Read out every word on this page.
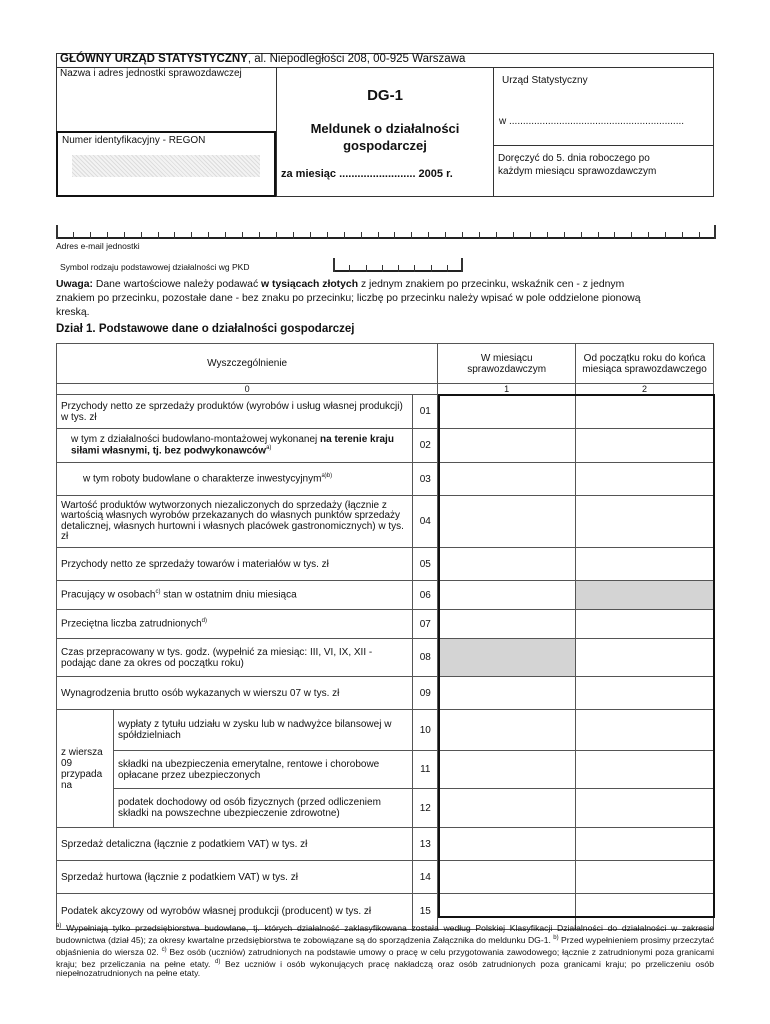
GŁÓWNY URZĄD STATYSTYCZNY, al. Niepodległości 208, 00-925 Warszawa
Nazwa i adres jednostki sprawozdawczej
Numer identyfikacyjny - REGON
DG-1
Meldunek o działalności
gospodarczej
za miesiąc ......................... 2005 r.
Urząd Statystyczny
w ...............................................................
Doręczyć do 5. dnia roboczego po
każdym miesiącu sprawozdawczym
Adres e-mail jednostki
Symbol rodzaju podstawowej działalności wg PKD
Uwaga: Dane wartościowe należy podawać w tysiącach złotych z jednym znakiem po przecinku, wskaźnik cen - z jednym
znakiem po przecinku, pozostałe dane - bez znaku po przecinku; liczbę po przecinku należy wpisać w pole oddzielone pionową
kreską.
Dział 1. Podstawowe dane o działalności gospodarczej
Wyszczególnienie			W miesiącu sprawozdawczym	Od początku roku do końca miesiąca sprawozdawczego
0			1	2
Przychody netto ze sprzedaży produktów (wyrobów i usług własnej produkcji) w tys. zł		01		
w tym z działalności budowlano-montażowej wykonanej na terenie kraju siłami własnymi, tj. bez podwykonawców$^{a)}$		02		
w tym roboty budowlane o charakterze inwestycyjnym$^{a)b)}$		03		
Wartość produktów wytworzonych niezaliczonych do sprzedaży (łącznie z wartością własnych wyrobów przekazanych do własnych punktów sprzedaży detalicznej, własnych hurtowni i własnych placówek gastronomicznych) w tys. zł		04		
Przychody netto ze sprzedaży towarów i materiałów w tys. zł		05		
Pracujący w osobach$^{c)}$ stan w ostatnim dniu miesiąca		06		
Przeciętna liczba zatrudnionych$^{d)}$		07		
Czas przepracowany w tys. godz. (wypełnić za miesiąc: III, VI, IX, XII - podając dane za okres od początku roku)		08		
Wynagrodzenia brutto osób wykazanych w wierszu 07 w tys. zł		09		
z wiersza 09 przypada na	wypłaty z tytułu udziału w zysku lub w nadwyżce bilansowej w spółdzielniach	10		
	składki na ubezpieczenia emerytalne, rentowe i chorobowe opłacane przez ubezpieczonych	11		
	podatek dochodowy od osób fizycznych (przed odliczeniem składki na powszechne ubezpieczenie zdrowotne)	12		
Sprzedaż detaliczna (łącznie z podatkiem VAT) w tys. zł		13		
Sprzedaż hurtowa (łącznie z podatkiem VAT) w tys. zł		14		
Podatek akcyzowy od wyrobów własnej produkcji (producent) w tys. zł		15		
$^{a)}$ Wypełniają tylko przedsiębiorstwa budowlane, tj. których działalność zaklasyfikowana została według Polskiej Klasyfikacji Działalności do działalności w zakresie budownictwa (dział 45); za okresy kwartalne przedsiębiorstwa te zobowiązane są do sporządzenia Załącznika do meldunku DG-1. $^{b)}$ Przed wypełnieniem prosimy przeczytać objaśnienia do wiersza 02. $^{c)}$ Bez osób (uczniów) zatrudnionych na podstawie umowy o pracę w celu przygotowania zawodowego; łącznie z zatrudnionymi poza granicami kraju; bez przeliczania na pełne etaty. $^{d)}$ Bez uczniów i osób wykonujących pracę nakładczą oraz osób zatrudnionych poza granicami kraju; po przeliczeniu osób niepełnozatrudnionych na pełne etaty.
